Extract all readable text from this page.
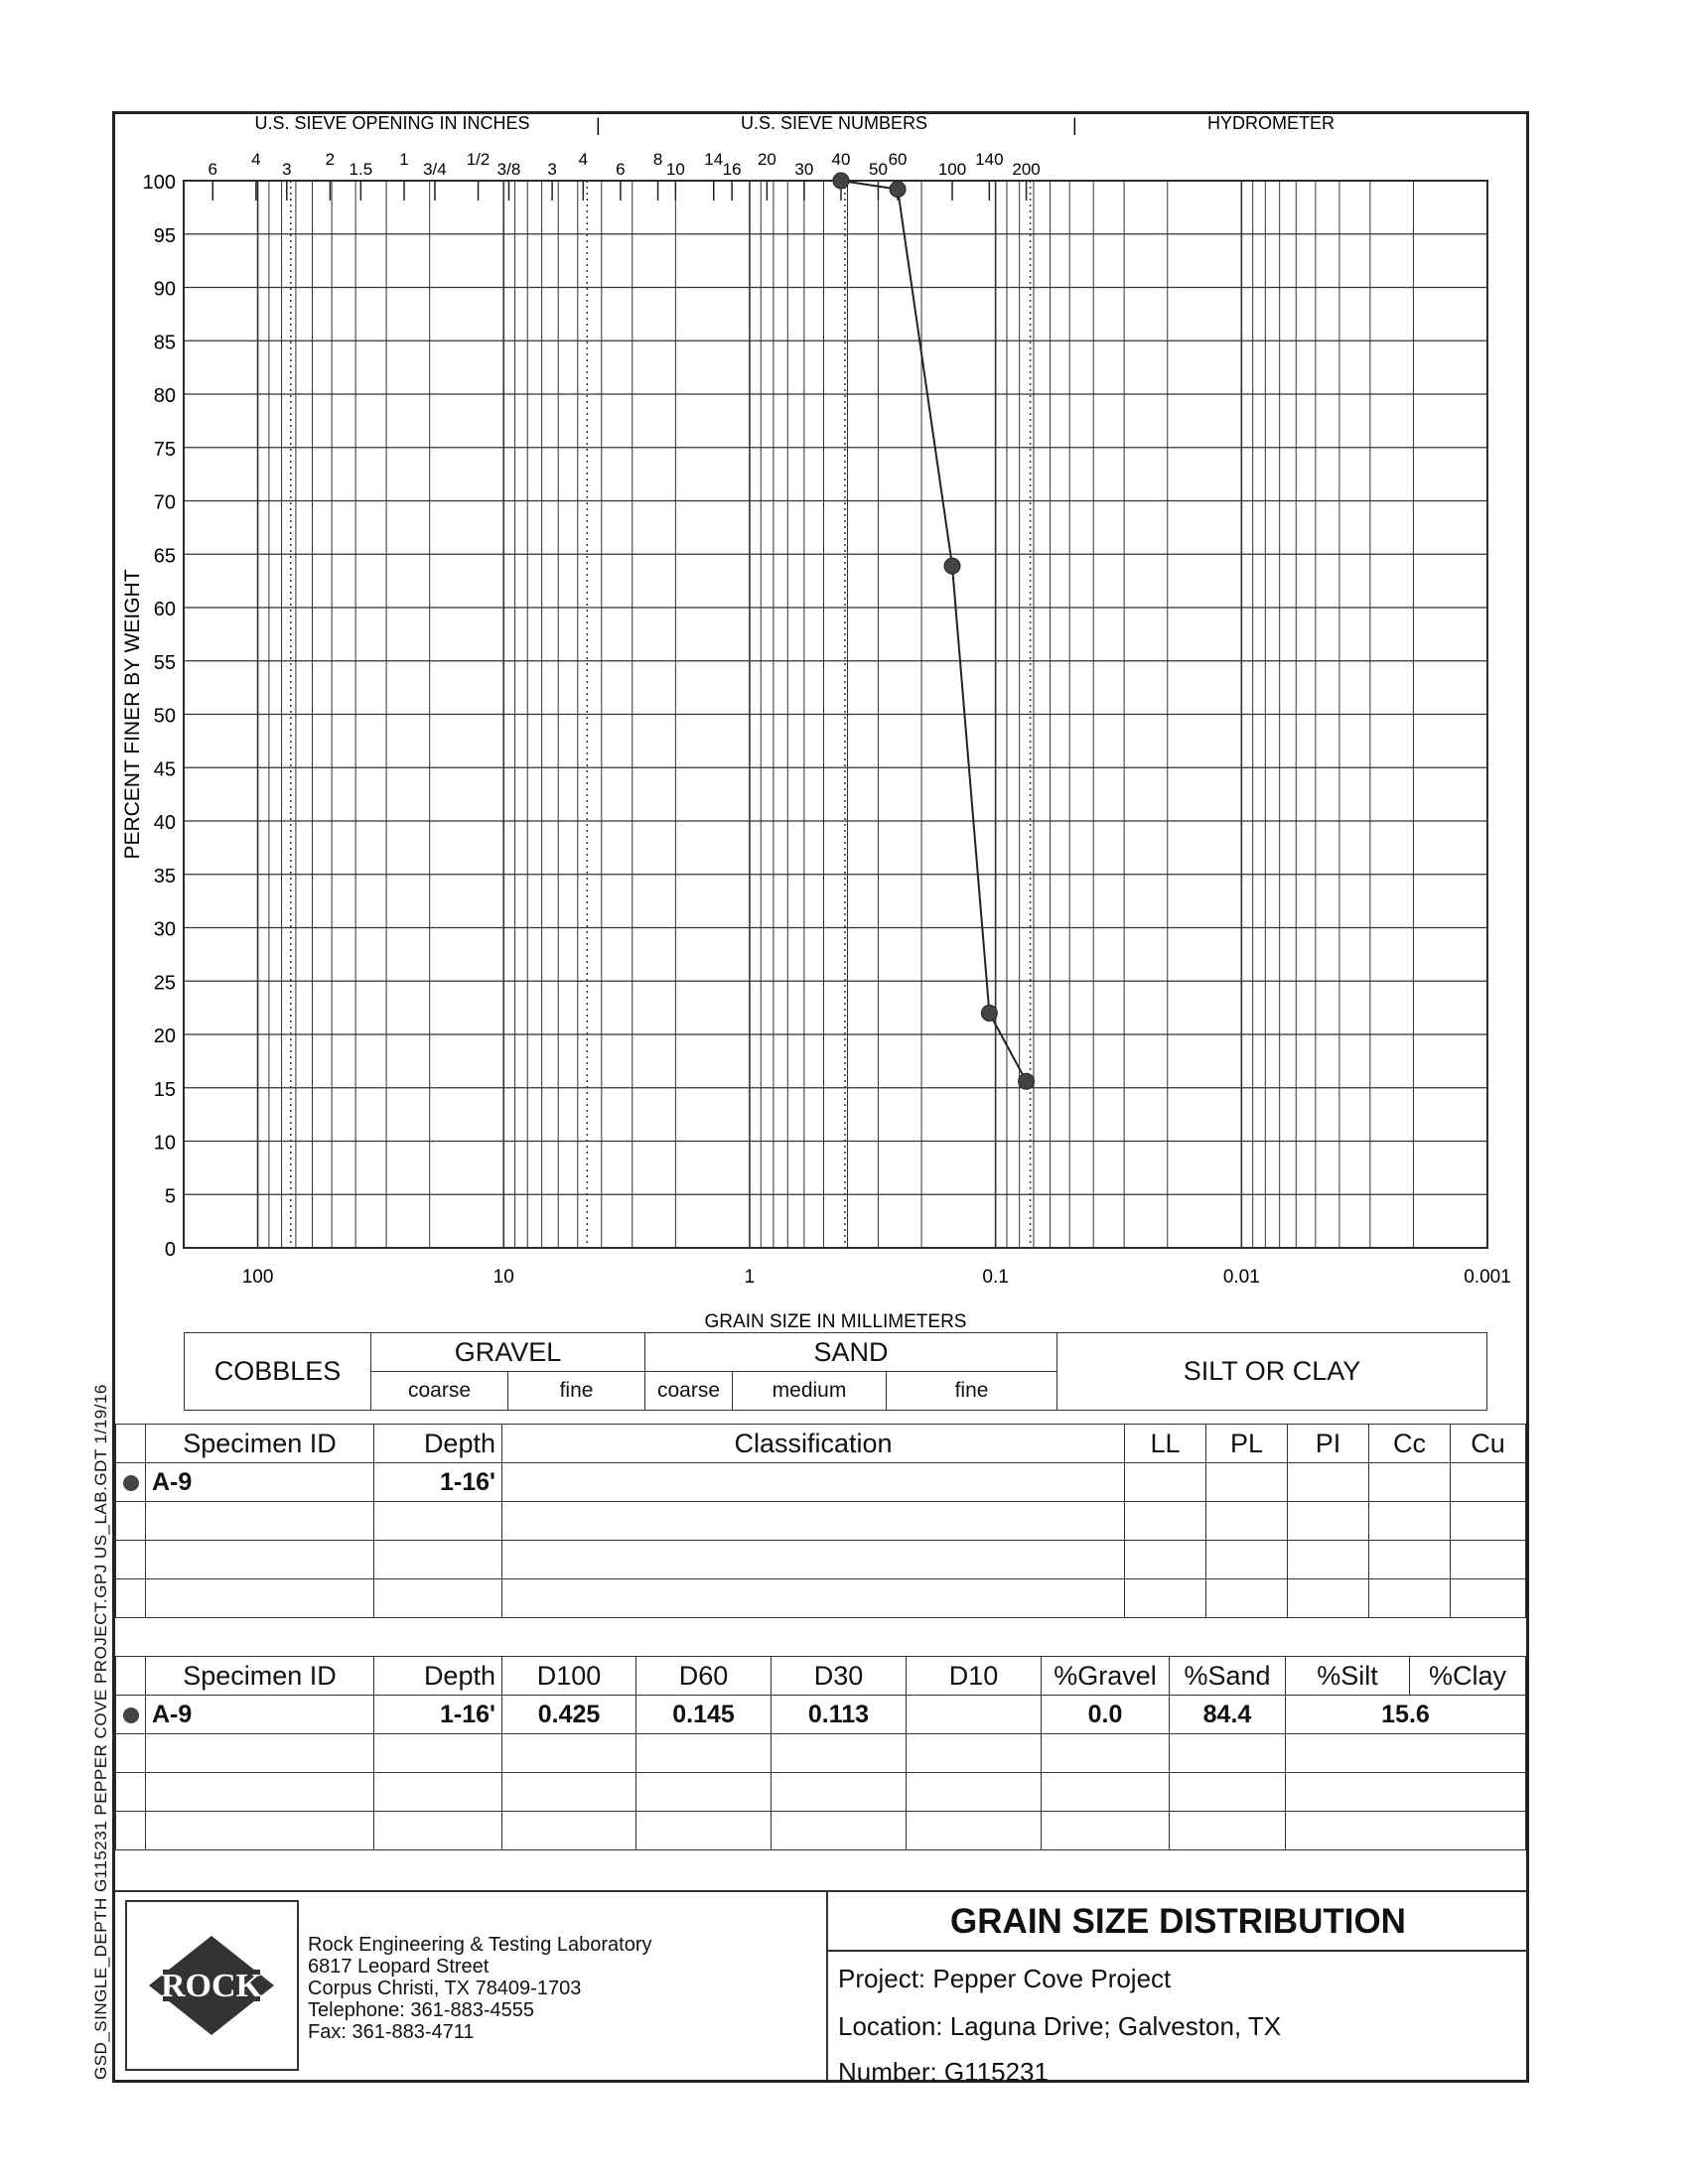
0
5
10
15
20
25
30
35
40
45
50
55
60
65
70
75
80
85
90
95
100
100	10	1	0.1	0.01	0.001
U.S. SIEVE OPENING IN INCHES	U.S. SIEVE NUMBERS	HYDROMETER
|	|
6
4
3
2
1.5
1
3/4
1/2
3/8 3
4
6
8
10
14
16
20
30
40
50
60
100
140
200
PERCENT FINER BY WEIGHT
GRAIN SIZE IN MILLIMETERS
COBBLES	GRAVEL		SAND			SILT OR CLAY
	coarse	fine	coarse	medium	fine	
	Specimen ID	Depth	Classification	LL	PL	PI	Cc	Cu
	A-9	1-16'						

	Specimen ID	Depth	D100	D60	D30	D10	%Gravel	%Sand	%Silt	%Clay
	A-9	1-16'	0.425	0.145	0.113		0.0	84.4	15.6	

ROCK
Rock Engineering & Testing Laboratory
6817 Leopard Street
Corpus Christi, TX 78409-1703
Telephone: 361-883-4555
Fax: 361-883-4711
GRAIN SIZE DISTRIBUTION
Project: Pepper Cove Project
Location: Laguna Drive; Galveston, TX
Number: G115231
GSD_SINGLE_DEPTH G115231 PEPPER COVE PROJECT.GPJ US_LAB.GDT 1/19/16
